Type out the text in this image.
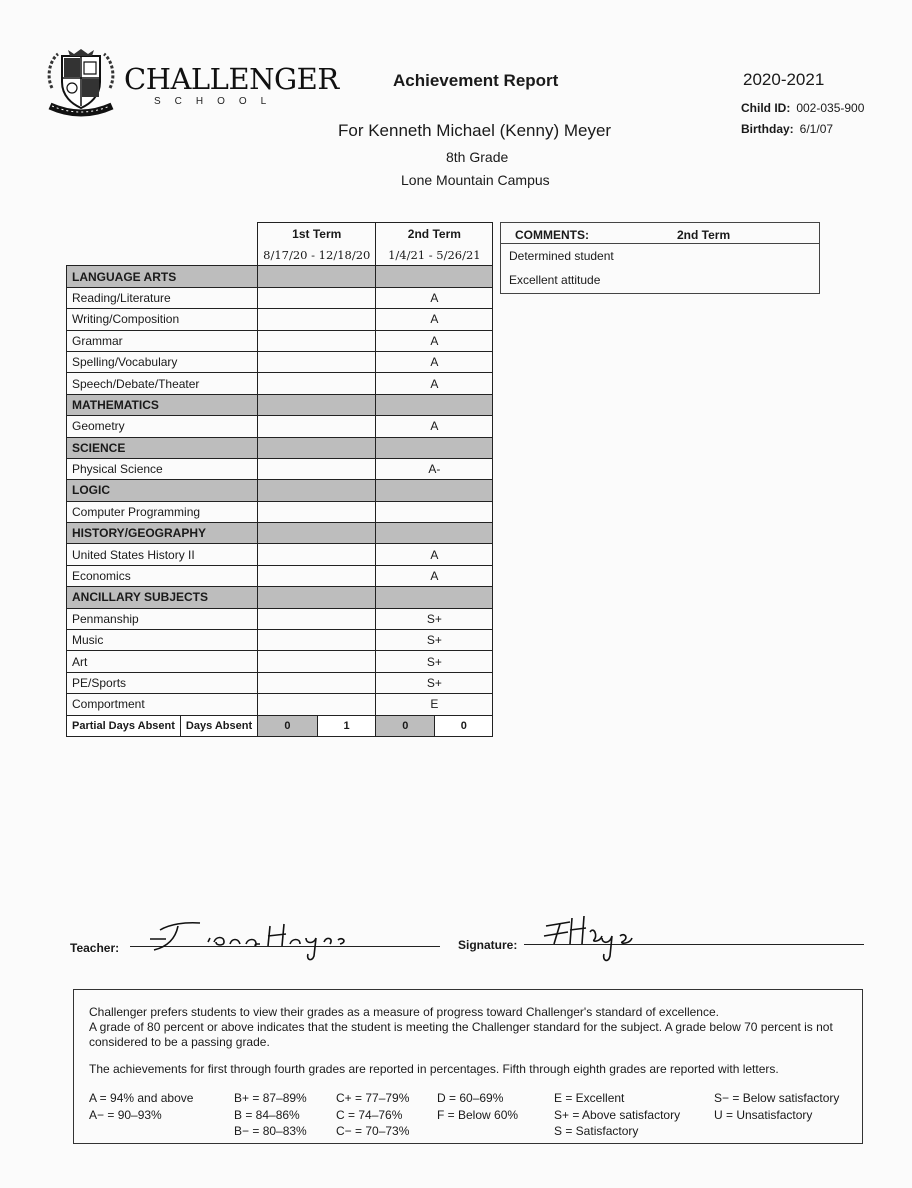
CHALLENGER
SCHOOL
Achievement Report	2020-2021
Child ID: 002-035-900
Birthday: 6/1/07
For Kenneth Michael (Kenny) Meyer
8th Grade
Lone Mountain Campus
		1st Term		2nd Term	
		8/17/20 - 12/18/20		1/4/21 - 5/26/21	
LANGUAGE ARTS					
Reading/Literature				A	
Writing/Composition				A	
Grammar				A	
Spelling/Vocabulary				A	
Speech/Debate/Theater				A	
MATHEMATICS					
Geometry				A	
SCIENCE					
Physical Science				A-	
LOGIC					
Computer Programming					
HISTORY/GEOGRAPHY					
United States History II				A	
Economics				A	
ANCILLARY SUBJECTS					
Penmanship				S+	
Music				S+	
Art				S+	
PE/Sports				S+	
Comportment				E	
Partial Days Absent	Days Absent	0	1	0	0
COMMENTS:	2nd Term
Determined student
Excellent attitude
Teacher:	Signature:

Challenger prefers students to view their grades as a measure of progress toward Challenger's standard of excellence.

A grade of 80 percent or above indicates that the student is meeting the Challenger standard for the subject. A grade below 70 percent is not considered to be a passing grade.

The achievements for first through fourth grades are reported in percentages. Fifth through eighth grades are reported with letters.

A = 94% and above
A− = 90–93%
B+ = 87–89%
B = 84–86%
B− = 80–83%
C+ = 77–79%
C = 74–76%
C− = 70–73%
D = 60–69%
F = Below 60%
E = Excellent
S+ = Above satisfactory
S = Satisfactory
S− = Below satisfactory
U = Unsatisfactory
